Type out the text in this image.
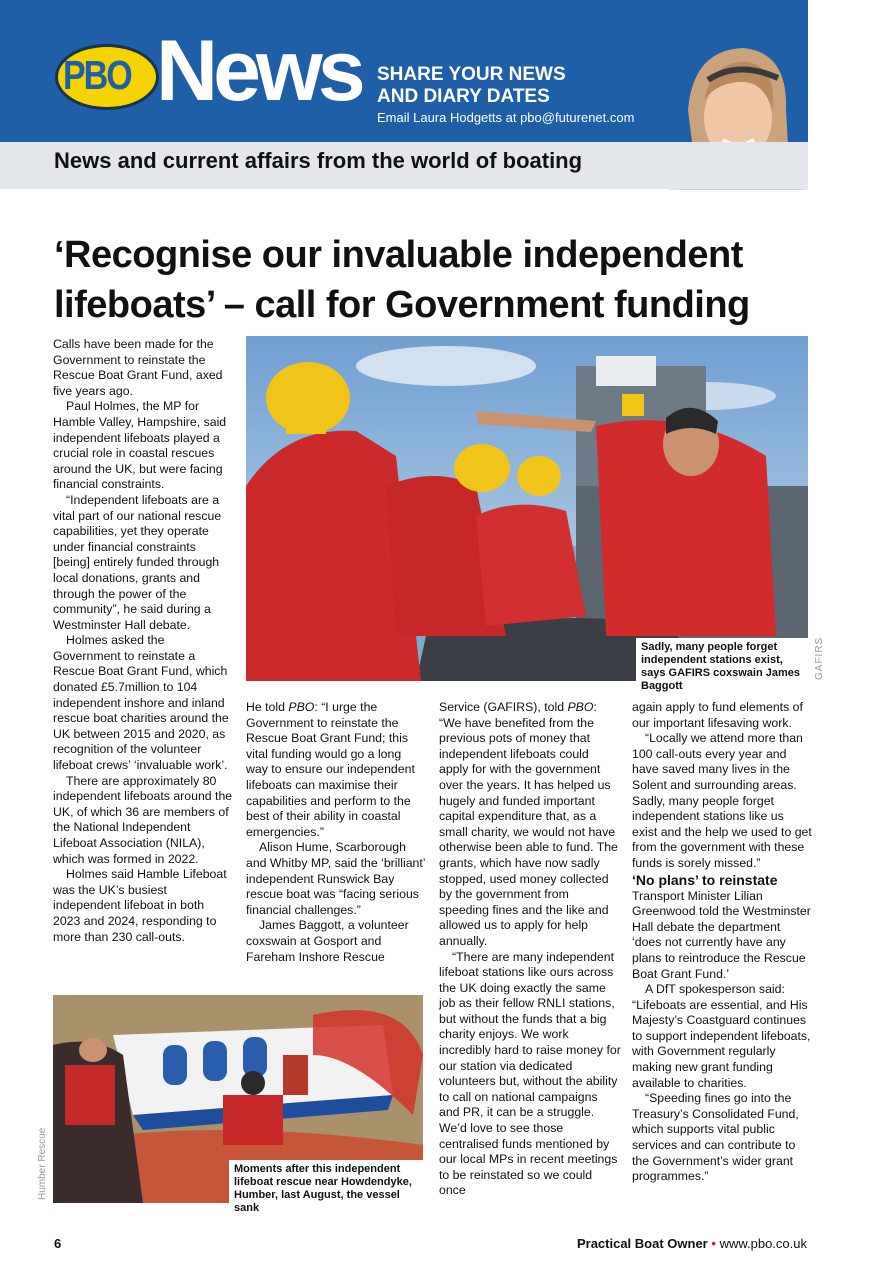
PBO News SHARE YOUR NEWS
AND DIARY DATES
Email Laura Hodgetts at pbo@futurenet.com
News and current affairs from the world of boating
‘Recognise our invaluable independent
lifeboats’ – call for Government funding

Calls have been made for the Government to reinstate the Rescue Boat Grant Fund, axed five years ago.

Paul Holmes, the MP for Hamble Valley, Hampshire, said independent lifeboats played a crucial role in coastal rescues around the UK, but were facing financial constraints.

“Independent lifeboats are a vital part of our national rescue capabilities, yet they operate under financial constraints [being] entirely funded through local donations, grants and through the power of the community”, he said during a Westminster Hall debate.

Holmes asked the Government to reinstate a Rescue Boat Grant Fund, which donated £5.7million to 104 independent inshore and inland rescue boat charities around the UK between 2015 and 2020, as recognition of the volunteer lifeboat crews’ ‘invaluable work’.

There are approximately 80 independent lifeboats around the UK, of which 36 are members of the National Independent Lifeboat Association (NILA), which was formed in 2022.

Holmes said Hamble Lifeboat was the UK’s busiest independent lifeboat in both 2023 and 2024, responding to more than 230 call-outs.

Sadly, many people forget independent stations exist, says GAFIRS coxswain James Baggott
GAFIRS

He told PBO: “I urge the Government to reinstate the Rescue Boat Grant Fund; this vital funding would go a long way to ensure our independent lifeboats can maximise their capabilities and perform to the best of their ability in coastal emergencies.”

Alison Hume, Scarborough and Whitby MP, said the ‘brilliant’ independent Runswick Bay rescue boat was “facing serious financial challenges.”

James Baggott, a volunteer coxswain at Gosport and Fareham Inshore Rescue

Service (GAFIRS), told PBO: “We have benefited from the previous pots of money that independent lifeboats could apply for with the government over the years. It has helped us hugely and funded important capital expenditure that, as a small charity, we would not have otherwise been able to fund. The grants, which have now sadly stopped, used money collected by the government from speeding fines and the like and allowed us to apply for help annually.

“There are many independent lifeboat stations like ours across the UK doing exactly the same job as their fellow RNLI stations, but without the funds that a big charity enjoys. We work incredibly hard to raise money for our station via dedicated volunteers but, without the ability to call on national campaigns and PR, it can be a struggle. We’d love to see those centralised funds mentioned by our local MPs in recent meetings to be reinstated so we could once

again apply to fund elements of our important lifesaving work.

“Locally we attend more than 100 call-outs every year and have saved many lives in the Solent and surrounding areas. Sadly, many people forget independent stations like us exist and the help we used to get from the government with these funds is sorely missed.”

‘No plans’ to reinstate

Transport Minister Lilian Greenwood told the Westminster Hall debate the department ‘does not currently have any plans to reintroduce the Rescue Boat Grant Fund.’

A DfT spokesperson said: “Lifeboats are essential, and His Majesty’s Coastguard continues to support independent lifeboats, with Government regularly making new grant funding available to charities.

“Speeding fines go into the Treasury’s Consolidated Fund, which supports vital public services and can contribute to the Government’s wider grant programmes.”

Moments after this independent lifeboat rescue near Howdendyke, Humber, last August, the vessel sank
Humber Rescue
6	Practical Boat Owner • www.pbo.co.uk
